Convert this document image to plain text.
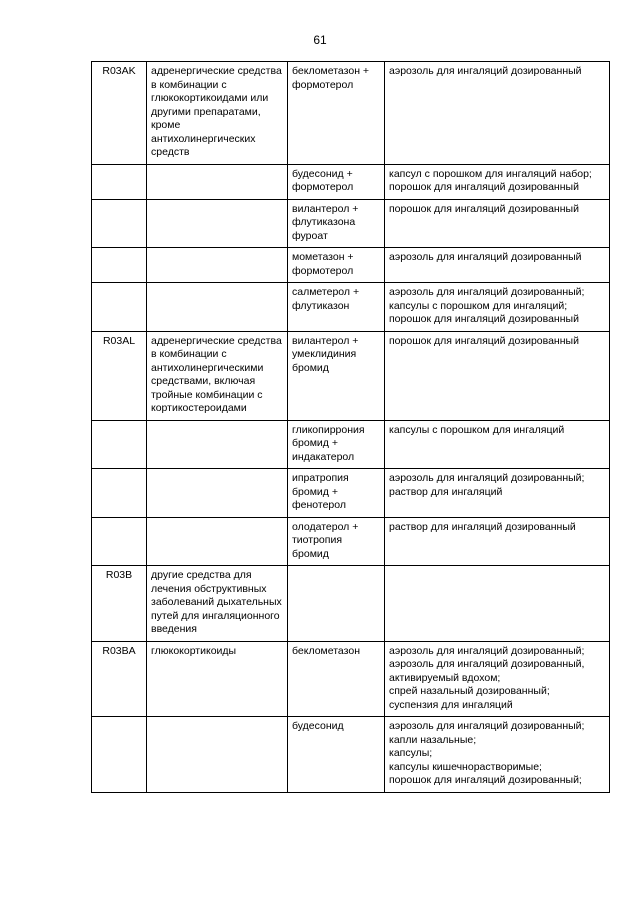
61
R03AK	адренергические средства в комбинации с глюкокортикоидами или другими препаратами, кроме антихолинергических средств	беклометазон + формотерол	аэрозоль для ингаляций дозированный

		будесонид + формотерол	капсул с порошком для ингаляций набор;
порошок для ингаляций дозированный

		вилантерол + флутиказона фуроат	порошок для ингаляций дозированный

		мометазон + формотерол	аэрозоль для ингаляций дозированный

		салметерол + флутиказон	аэрозоль для ингаляций дозированный;
капсулы с порошком для ингаляций;
порошок для ингаляций дозированный

R03AL	адренергические средства в комбинации с антихолинергическими средствами, включая тройные комбинации с кортикостероидами	вилантерол + умеклидиния бромид	порошок для ингаляций дозированный

		гликопиррония бромид + индакатерол	капсулы с порошком для ингаляций

		ипратропия бромид + фенотерол	аэрозоль для ингаляций дозированный;
раствор для ингаляций

		олодатерол + тиотропия бромид	раствор для ингаляций дозированный

R03B	другие средства для лечения обструктивных заболеваний дыхательных путей для ингаляционного введения		
R03BA	глюкокортикоиды	беклометазон	аэрозоль для ингаляций дозированный;
аэрозоль для ингаляций дозированный, активируемый вдохом;
спрей назальный дозированный;
суспензия для ингаляций

		будесонид	аэрозоль для ингаляций дозированный;
капли назальные;
капсулы;
капсулы кишечнорастворимые;
порошок для ингаляций дозированный;
